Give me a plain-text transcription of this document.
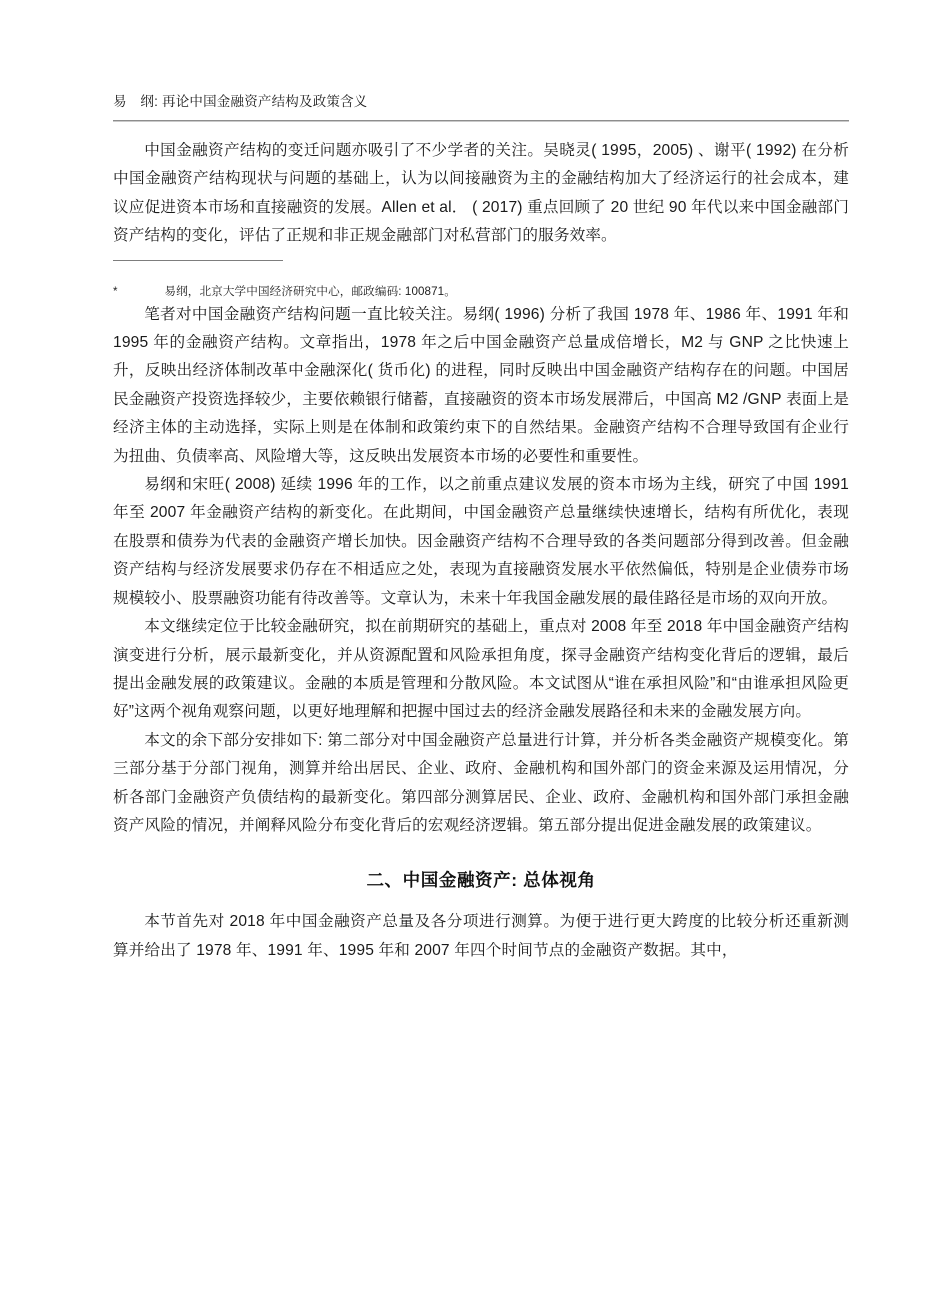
易　纲: 再论中国金融资产结构及政策含义

中国金融资产结构的变迁问题亦吸引了不少学者的关注。吴晓灵( 1995，2005) 、谢平( 1992) 在分析中国金融资产结构现状与问题的基础上，认为以间接融资为主的金融结构加大了经济运行的社会成本，建议应促进资本市场和直接融资的发展。Allen et al． ( 2017) 重点回顾了 20 世纪 90 年代以来中国金融部门资产结构的变化，评估了正规和非正规金融部门对私营部门的服务效率。

*　　　　易纲，北京大学中国经济研究中心，邮政编码: 100871。

笔者对中国金融资产结构问题一直比较关注。易纲( 1996) 分析了我国 1978 年、1986 年、1991 年和 1995 年的金融资产结构。文章指出，1978 年之后中国金融资产总量成倍增长，M2 与 GNP 之比快速上升，反映出经济体制改革中金融深化( 货币化) 的进程，同时反映出中国金融资产结构存在的问题。中国居民金融资产投资选择较少，主要依赖银行储蓄，直接融资的资本市场发展滞后，中国高 M2 /GNP 表面上是经济主体的主动选择，实际上则是在体制和政策约束下的自然结果。金融资产结构不合理导致国有企业行为扭曲、负债率高、风险增大等，这反映出发展资本市场的必要性和重要性。

易纲和宋旺( 2008) 延续 1996 年的工作，以之前重点建议发展的资本市场为主线，研究了中国 1991 年至 2007 年金融资产结构的新变化。在此期间，中国金融资产总量继续快速增长，结构有所优化，表现在股票和债券为代表的金融资产增长加快。因金融资产结构不合理导致的各类问题部分得到改善。但金融资产结构与经济发展要求仍存在不相适应之处，表现为直接融资发展水平依然偏低，特别是企业债券市场规模较小、股票融资功能有待改善等。文章认为，未来十年我国金融发展的最佳路径是市场的双向开放。

本文继续定位于比较金融研究，拟在前期研究的基础上，重点对 2008 年至 2018 年中国金融资产结构演变进行分析，展示最新变化，并从资源配置和风险承担角度，探寻金融资产结构变化背后的逻辑，最后提出金融发展的政策建议。金融的本质是管理和分散风险。本文试图从“谁在承担风险”和“由谁承担风险更好”这两个视角观察问题，以更好地理解和把握中国过去的经济金融发展路径和未来的金融发展方向。

本文的余下部分安排如下: 第二部分对中国金融资产总量进行计算，并分析各类金融资产规模变化。第三部分基于分部门视角，测算并给出居民、企业、政府、金融机构和国外部门的资金来源及运用情况，分析各部门金融资产负债结构的最新变化。第四部分测算居民、企业、政府、金融机构和国外部门承担金融资产风险的情况，并阐释风险分布变化背后的宏观经济逻辑。第五部分提出促进金融发展的政策建议。

二、中国金融资产: 总体视角

本节首先对 2018 年中国金融资产总量及各分项进行测算。为便于进行更大跨度的比较分析还重新测算并给出了 1978 年、1991 年、1995 年和 2007 年四个时间节点的金融资产数据。其中，
